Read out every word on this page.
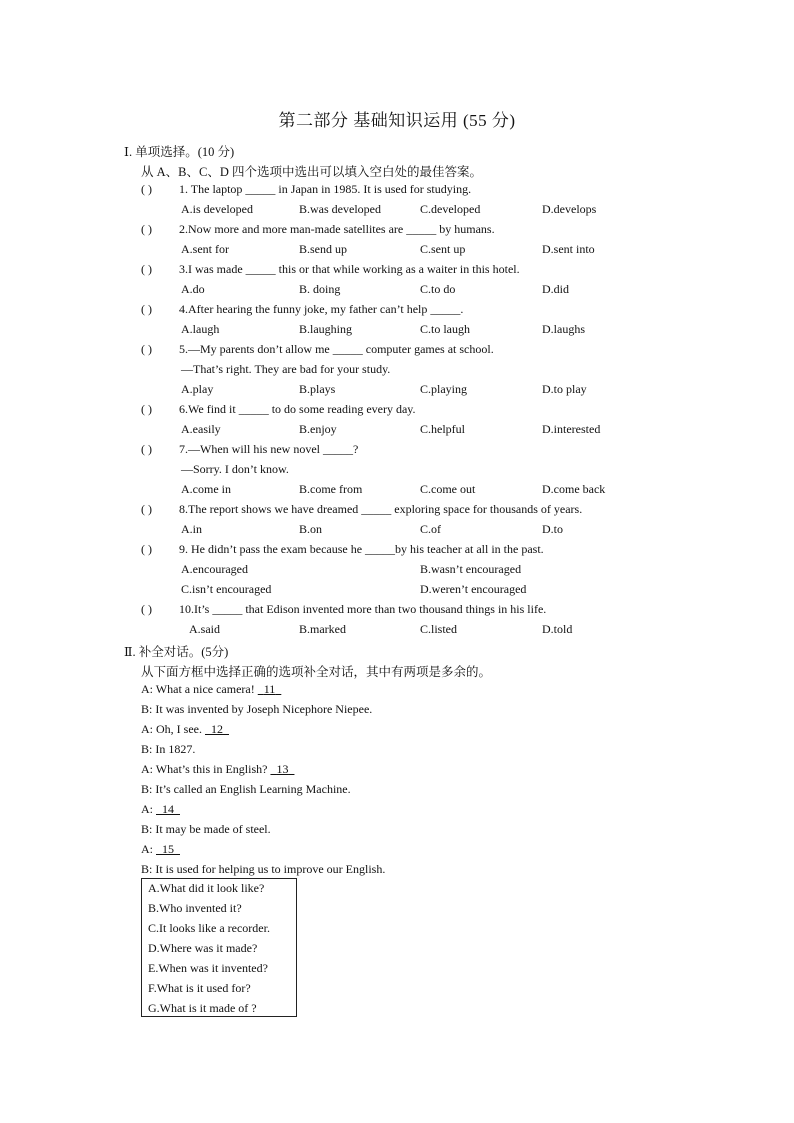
第二部分 基础知识运用 (55 分)
Ⅰ. 单项选择。(10 分)
从 A、B、C、D 四个选项中选出可以填入空白处的最佳答案。
( ) 1. The laptop _____ in Japan in 1985. It is used for studying.
A.is developed	B.was developed	C.developed	D.develops
( ) 2.Now more and more man-made satellites are _____ by humans.
A.sent for	B.send up	C.sent up	D.sent into
( ) 3.I was made _____ this or that while working as a waiter in this hotel.
A.do	B. doing	C.to do	D.did
( ) 4.After hearing the funny joke, my father can’t help _____.
A.laugh	B.laughing	C.to laugh	D.laughs
( ) 5.—My parents don’t allow me _____ computer games at school.
—That’s right. They are bad for your study.
A.play	B.plays	C.playing	D.to play
( ) 6.We find it _____ to do some reading every day.
A.easily	B.enjoy	C.helpful	D.interested
( ) 7.—When will his new novel _____?
—Sorry. I don’t know.
A.come in	B.come from	C.come out	D.come back
( ) 8.The report shows we have dreamed _____ exploring space for thousands of years.
A.in	B.on	C.of	D.to
( ) 9. He didn’t pass the exam because he _____by his teacher at all in the past.
A.encouraged	B.wasn’t encouraged
C.isn’t encouraged	D.weren’t encouraged
( ) 10.It’s _____ that Edison invented more than two thousand things in his life.
A.said	B.marked	C.listed	D.told
Ⅱ. 补全对话。(5分)
从下面方框中选择正确的选项补全对话，其中有两项是多余的。
A: What a nice camera! 11
B: It was invented by Joseph Nicephore Niepee.
A: Oh, I see. 12
B: In 1827.
A: What’s this in English? 13
B: It’s called an English Learning Machine.
A: 14
B: It may be made of steel.
A: 15
B: It is used for helping us to improve our English.
A.What did it look like?
B.Who invented it?
C.It looks like a recorder.
D.Where was it made?
E.When was it invented?
F.What is it used for?
G.What is it made of ?
